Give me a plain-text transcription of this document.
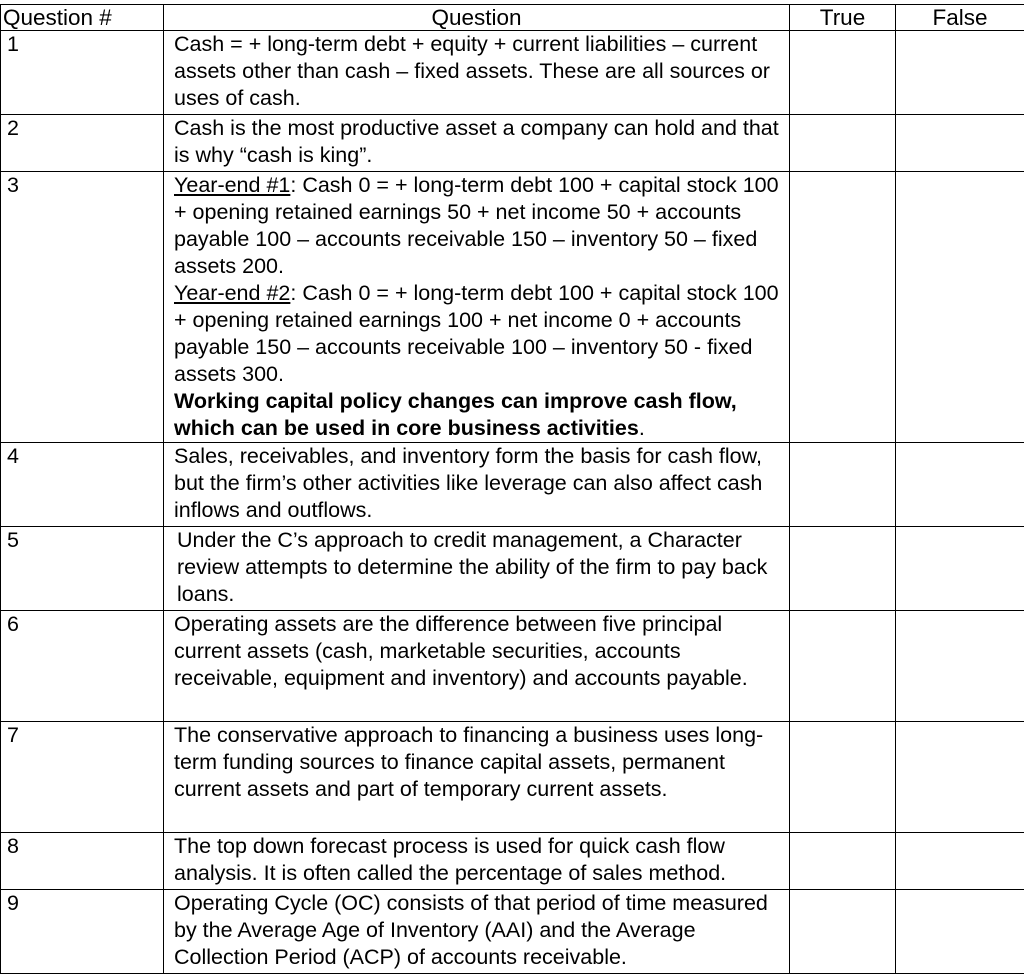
Question #	Question	True	False
1	Cash = + long-term debt + equity + current liabilities – current assets other than cash – fixed assets. These are all sources or uses of cash.		
2	Cash is the most productive asset a company can hold and that is why “cash is king”.		
3	Year-end #1: Cash 0 = + long-term debt 100 + capital stock 100 + opening retained earnings 50 + net income 50 + accounts payable 100 – accounts receivable 150 – inventory 50 – fixed assets 200.
Year-end #2: Cash 0 = + long-term debt 100 + capital stock 100 + opening retained earnings 100 + net income 0 + accounts payable 150 – accounts receivable 100 – inventory 50 - fixed assets 300.
Working capital policy changes can improve cash flow, which can be used in core business activities.		

4	Sales, receivables, and inventory form the basis for cash flow, but the firm’s other activities like leverage can also affect cash inflows and outflows.		
5	Under the C’s approach to credit management, a Character review attempts to determine the ability of the firm to pay back loans.		
6	Operating assets are the difference between five principal current assets (cash, marketable securities, accounts receivable, equipment and inventory) and accounts payable.		
7	The conservative approach to financing a business uses long-term funding sources to finance capital assets, permanent current assets and part of temporary current assets.		
8	The top down forecast process is used for quick cash flow analysis. It is often called the percentage of sales method.		
9	Operating Cycle (OC) consists of that period of time measured by the Average Age of Inventory (AAI) and the Average Collection Period (ACP) of accounts receivable.		
